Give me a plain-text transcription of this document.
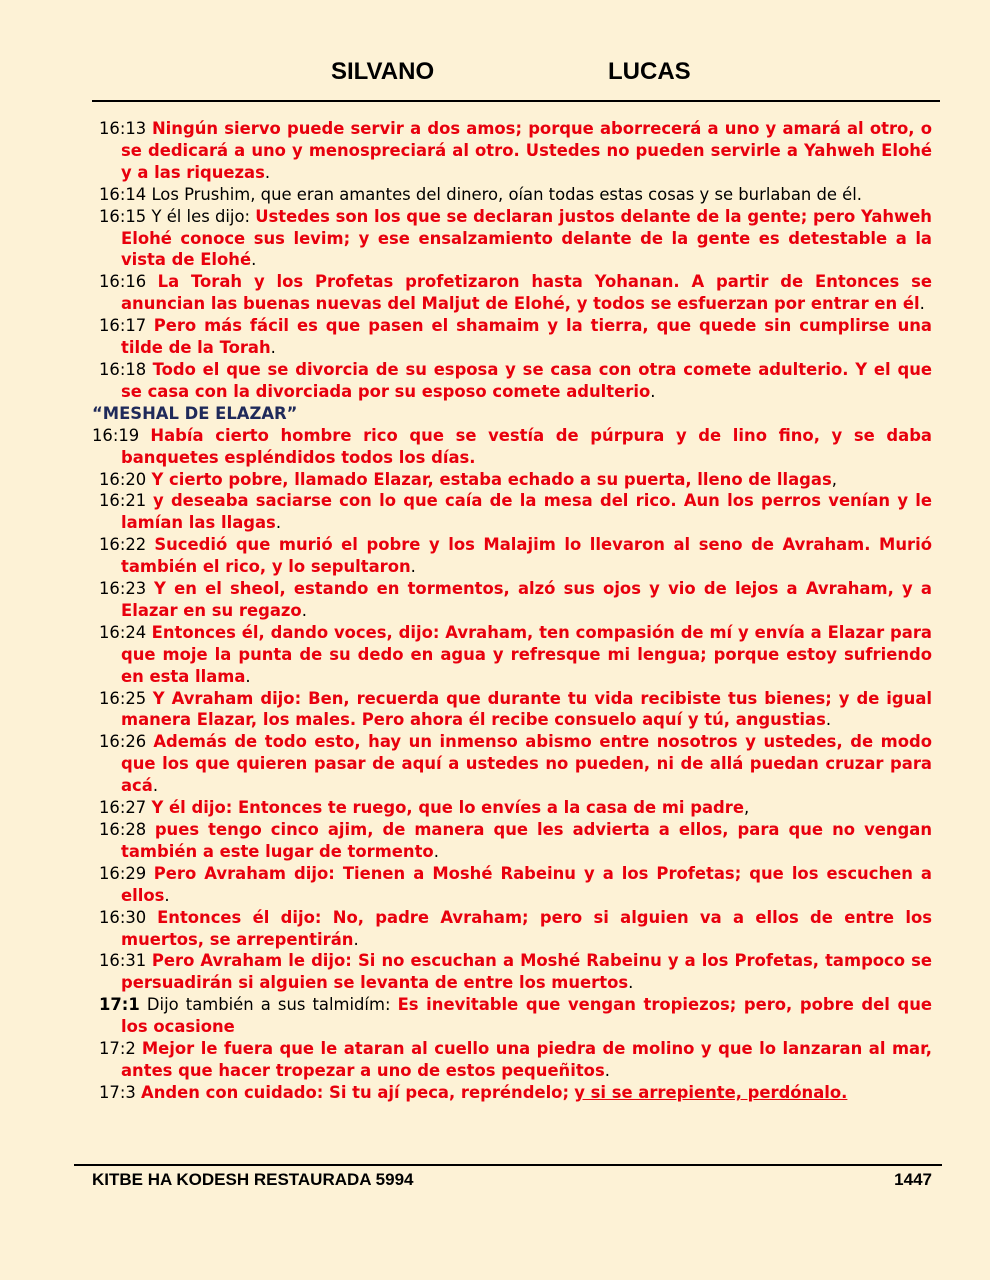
SILVANO	LUCAS
16:13 Ningún siervo puede servir a dos amos; porque aborrecerá a uno y amará al otro, o se dedicará a uno y menospreciará al otro. Ustedes no pueden servirle a Yahweh Elohé y a las riquezas.
16:14 Los Prushim, que eran amantes del dinero, oían todas estas cosas y se burlaban de él.
16:15 Y él les dijo: Ustedes son los que se declaran justos delante de la gente; pero Yahweh Elohé conoce sus levim; y ese ensalzamiento delante de la gente es detestable a la vista de Elohé.
16:16 La Torah y los Profetas profetizaron hasta Yohanan. A partir de Entonces se anuncian las buenas nuevas del Maljut de Elohé, y todos se esfuerzan por entrar en él.
16:17 Pero más fácil es que pasen el shamaim y la tierra, que quede sin cumplirse una tilde de la Torah.
16:18 Todo el que se divorcia de su esposa y se casa con otra comete adulterio. Y el que se casa con la divorciada por su esposo comete adulterio.
“MESHAL DE ELAZAR”
16:19 Había cierto hombre rico que se vestía de púrpura y de lino fino, y se daba banquetes espléndidos todos los días.
16:20 Y cierto pobre, llamado Elazar, estaba echado a su puerta, lleno de llagas,
16:21 y deseaba saciarse con lo que caía de la mesa del rico. Aun los perros venían y le lamían las llagas.
16:22 Sucedió que murió el pobre y los Malajim lo llevaron al seno de Avraham. Murió también el rico, y lo sepultaron.
16:23 Y en el sheol, estando en tormentos, alzó sus ojos y vio de lejos a Avraham, y a Elazar en su regazo.
16:24 Entonces él, dando voces, dijo: Avraham, ten compasión de mí y envía a Elazar para que moje la punta de su dedo en agua y refresque mi lengua; porque estoy sufriendo en esta llama.
16:25 Y Avraham dijo: Ben, recuerda que durante tu vida recibiste tus bienes; y de igual manera Elazar, los males. Pero ahora él recibe consuelo aquí y tú, angustias.
16:26 Además de todo esto, hay un inmenso abismo entre nosotros y ustedes, de modo que los que quieren pasar de aquí a ustedes no pueden, ni de allá puedan cruzar para acá.
16:27 Y él dijo: Entonces te ruego, que lo envíes a la casa de mi padre,
16:28 pues tengo cinco ajim, de manera que les advierta a ellos, para que no vengan también a este lugar de tormento.
16:29 Pero Avraham dijo: Tienen a Moshé Rabeinu y a los Profetas; que los escuchen a ellos.
16:30 Entonces él dijo: No, padre Avraham; pero si alguien va a ellos de entre los muertos, se arrepentirán.
16:31 Pero Avraham le dijo: Si no escuchan a Moshé Rabeinu y a los Profetas, tampoco se persuadirán si alguien se levanta de entre los muertos.
17:1 Dijo también a sus talmidím: Es inevitable que vengan tropiezos; pero, pobre del que los ocasione
17:2 Mejor le fuera que le ataran al cuello una piedra de molino y que lo lanzaran al mar, antes que hacer tropezar a uno de estos pequeñitos.
17:3 Anden con cuidado: Si tu ají peca, repréndelo; y si se arrepiente, perdónalo.
KITBE HA KODESH RESTAURADA 5994	1447
